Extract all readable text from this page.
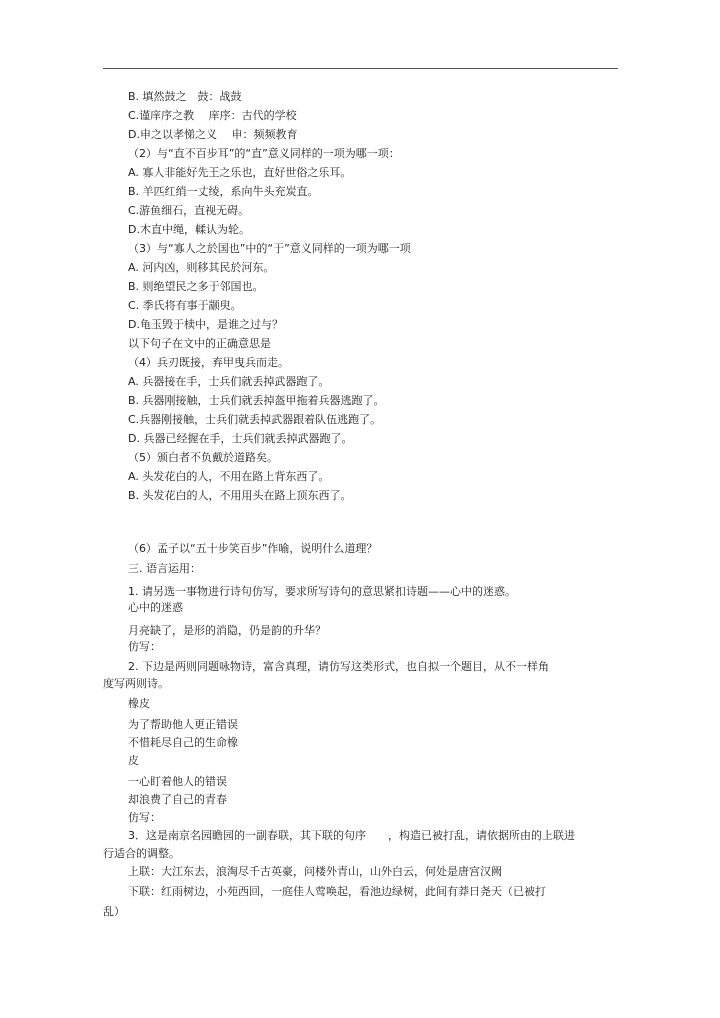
B. 填然鼓之　鼓：战鼓
C.谨庠序之教　 庠序：古代的学校
D.申之以孝悌之义　 申：频频教育
（2）与“直不百步耳”的“直”意义同样的一项为哪一项：
A. 寡人非能好先王之乐也，直好世俗之乐耳。
B. 羊匹红绡一丈绫，系向牛头充炭直。
C.游鱼细石，直视无碍。
D.木直中绳，輮认为轮。
（3）与“寡人之於国也”中的“于”意义同样的一项为哪一项
A. 河内凶，则移其民於河东。
B. 则绝望民之多于邻国也。
C. 季氏将有事于颛臾。
D.龟玉毁于椟中，是谁之过与？
以下句子在文中的正确意思是
（4）兵刃既接，弃甲曳兵而走。
A. 兵器接在手，士兵们就丢掉武器跑了。
B. 兵器刚接触，士兵们就丢掉盔甲拖着兵器逃跑了。
C.兵器刚接触，士兵们就丢掉武器跟着队伍逃跑了。
D. 兵器已经握在手，士兵们就丢掉武器跑了。
（5）颁白者不负戴於道路矣。
A. 头发花白的人，不用在路上背东西了。
B. 头发花白的人，不用用头在路上顶东西了。
（6）孟子以“五十步笑百步”作喻，说明什么道理？
三. 语言运用：
1. 请另选一事物进行诗句仿写，要求所写诗句的意思紧扣诗题——心中的迷惑。
心中的迷惑
月亮缺了，是形的消隐，仍是韵的升华？
仿写：
2. 下边是两则同题咏物诗，富含真理，请仿写这类形式，也自拟一个题目，从不一样角
度写两则诗。
橡皮
为了帮助他人更正错误
不惜耗尽自己的生命橡
皮
一心盯着他人的错误
却浪费了自己的青春
仿写：
3．这是南京名园瞻园的一副春联，其下联的句序　　，构造已被打乱，请依据所由的上联进
行适合的调整。
上联：大江东去，浪淘尽千古英豪，问楼外青山，山外白云，何处是唐宫汉阙
下联：红雨树边，小苑西回，一庭佳人莺唤起，看池边绿树，此间有莽日尧天（已被打
乱）
